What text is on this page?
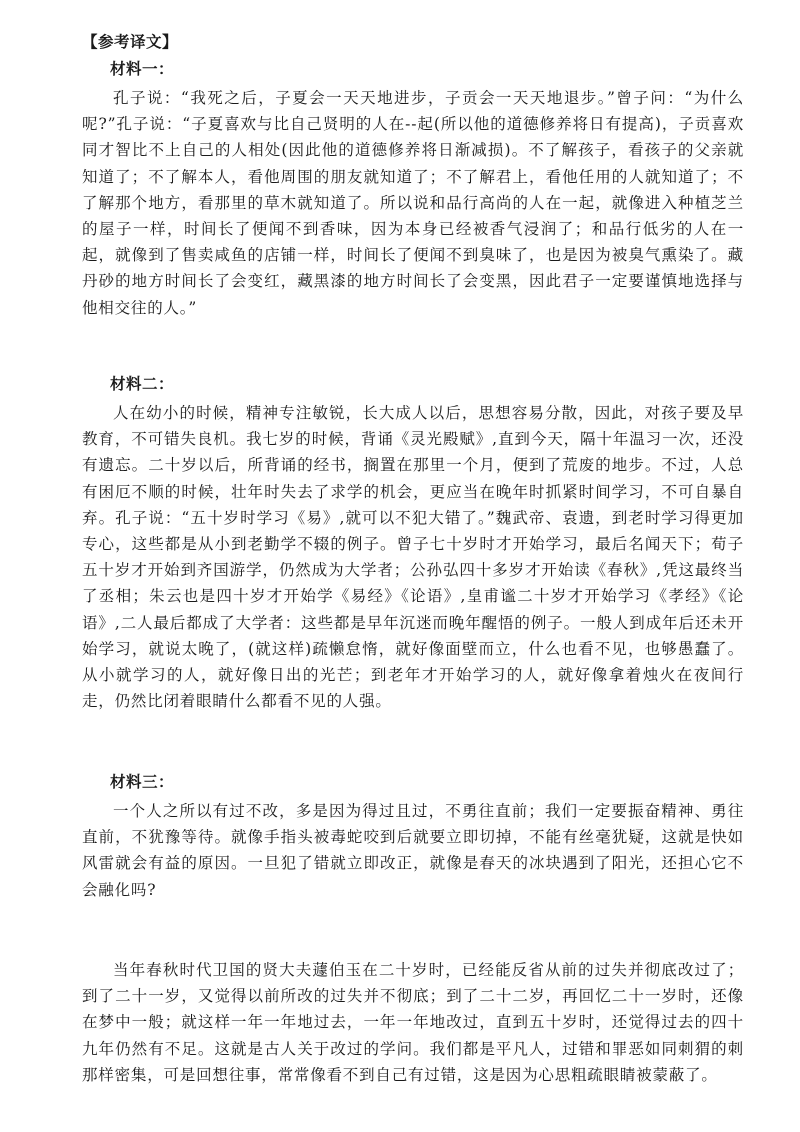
【参考译文】
材料一：

孔子说：“我死之后，子夏会一天天地进步，子贡会一天天地退步。”曾子问：“为什么呢?”孔子说：“子夏喜欢与比自己贤明的人在--起(所以他的道德修养将日有提高)，子贡喜欢同才智比不上自己的人相处(因此他的道德修养将日渐减损)。不了解孩子，看孩子的父亲就知道了；不了解本人，看他周围的朋友就知道了；不了解君上，看他任用的人就知道了；不了解那个地方，看那里的草木就知道了。所以说和品行高尚的人在一起，就像进入种植芝兰的屋子一样，时间长了便闻不到香味，因为本身已经被香气浸润了；和品行低劣的人在一起，就像到了售卖咸鱼的店铺一样，时间长了便闻不到臭味了，也是因为被臭气熏染了。藏丹砂的地方时间长了会变红，藏黑漆的地方时间长了会变黑，因此君子一定要谨慎地选择与他相交往的人。”

材料二：

人在幼小的时候，精神专注敏锐，长大成人以后，思想容易分散，因此，对孩子要及早教育，不可错失良机。我七岁的时候，背诵《灵光殿赋》,直到今天，隔十年温习一次，还没有遗忘。二十岁以后，所背诵的经书，搁置在那里一个月，便到了荒废的地步。不过，人总有困厄不顺的时候，壮年时失去了求学的机会，更应当在晚年时抓紧时间学习，不可自暴自弃。孔子说：“五十岁时学习《易》,就可以不犯大错了。”魏武帝、袁遗，到老时学习得更加专心，这些都是从小到老勤学不辍的例子。曾子七十岁时才开始学习，最后名闻天下；荀子五十岁才开始到齐国游学，仍然成为大学者；公孙弘四十多岁才开始读《春秋》,凭这最终当了丞相；朱云也是四十岁才开始学《易经》《论语》,皇甫谧二十岁才开始学习《孝经》《论语》,二人最后都成了大学者：这些都是早年沉迷而晚年醒悟的例子。一般人到成年后还未开始学习，就说太晚了，(就这样)疏懒怠惰，就好像面壁而立，什么也看不见，也够愚蠢了。从小就学习的人，就好像日出的光芒；到老年才开始学习的人，就好像拿着烛火在夜间行走，仍然比闭着眼睛什么都看不见的人强。

材料三：

一个人之所以有过不改，多是因为得过且过，不勇往直前；我们一定要振奋精神、勇往直前，不犹豫等待。就像手指头被毒蛇咬到后就要立即切掉，不能有丝毫犹疑，这就是快如风雷就会有益的原因。一旦犯了错就立即改正，就像是春天的冰块遇到了阳光，还担心它不会融化吗?

当年春秋时代卫国的贤大夫蘧伯玉在二十岁时，已经能反省从前的过失并彻底改过了；到了二十一岁，又觉得以前所改的过失并不彻底；到了二十二岁，再回忆二十一岁时，还像在梦中一般；就这样一年一年地过去，一年一年地改过，直到五十岁时，还觉得过去的四十九年仍然有不足。这就是古人关于改过的学问。我们都是平凡人，过错和罪恶如同刺猬的刺那样密集，可是回想往事，常常像看不到自己有过错，这是因为心思粗疏眼睛被蒙蔽了。
